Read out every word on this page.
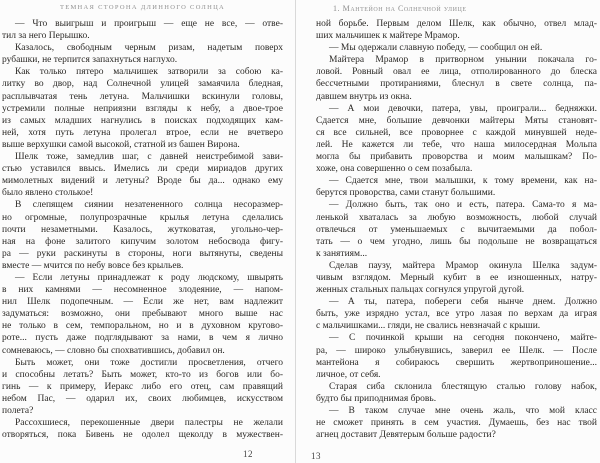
ТЕМНАЯ СТОРОНА ДЛИННОГО СОЛНЦА
— Что выигрыш и проигрыш — еще не все, — отве-
тил за него Перышко.
Казалось, свободным черным ризам, надетым поверх
рубашки, не терпится запахнуться наглухо.
Как только пятеро мальчишек затворили за собою ка-
литку во двор, над Солнечной улицей замаячила бледная,
расплывчатая тень летуна. Мальчишки вскинули головы,
устремили полные неприязни взгляды к небу, а двое-трое
из самых младших нагнулись в поисках подходящих кам-
ней, хотя путь летуна пролегал втрое, если не вчетверо
выше верхушки самой высокой, статной из башен Вирона.
Шелк тоже, замедлив шаг, с давней неистребимой зави-
стью уставился ввысь. Имелись ли среди мириадов других
мимолетных видений и летуны? Вроде бы да... однако ему
было явлено столькое!
В слепящем сиянии незатененного солнца несоразмер-
но огромные, полупрозрачные крылья летуна сделались
почти незаметными. Казалось, жутковатая, угольно-чер-
ная на фоне залитого кипучим золотом небосвода фигу-
ра — руки раскинуты в стороны, ноги вытянуты, сведены
вместе — мчится по небу вовсе без крыльев.
— Если летуны принадлежат к роду людскому, швырять
в них камнями — несомненное злодеяние, — напом-
нил Шелк подопечным. — Если же нет, вам надлежит
задуматься: возможно, они пребывают много выше нас
не только в сем, темпоральном, но и в духовном кругово-
роте... пусть даже подглядывают за нами, в чем я лично
сомневаюсь, — словно бы спохватившись, добавил он.
Быть может, они тоже достигли просветления, отчего
и способны летать? Быть может, кто-то из богов или бо-
гинь — к примеру, Иеракс либо его отец, сам правящий
небом Пас, — одарил их, своих любимцев, искусством
полета?
Рассохшиеся, перекошенные двери палестры не желали
отворяться, пока Бивень не одолел щеколду в мужествен-
1. Мантейон на Солнечной улице
ной борьбе. Первым делом Шелк, как обычно, отвел млад-
ших мальчишек к майтере Мрамор.
— Мы одержали славную победу, — сообщил он ей.
Майтера Мрамор в притворном унынии покачала го-
ловой. Ровный овал ее лица, отполированного до блеска
бессчетными протираниями, блеснул в свете солнца, па-
давшем внутрь из окна.
— А мои девочки, патера, увы, проиграли... бедняжки.
Сдается мне, большие девчонки майтеры Мяты становят-
ся все сильней, все проворнее с каждой минувшей неде-
лей. Не кажется ли тебе, что наша милосердная Мольпа
могла бы прибавить проворства и моим малышкам? По-
хоже, она совершенно о сем позабыла.
— Сдается мне, твои малышки, к тому времени, как на-
берутся проворства, сами станут большими.
— Должно быть, так оно и есть, патера. Сама-то я ма-
ленькой хваталась за любую возможность, любой случай
отвлечься от уменьшаемых с вычитаемыми да побол-
тать — о чем угодно, лишь бы подольше не возвращаться
к занятиям...
Сделав паузу, майтера Мрамор окинула Шелка задум-
чивым взглядом. Мерный кубит в ее изношенных, натру-
женных стальных пальцах согнулся упругой дугой.
— А ты, патера, побереги себя нынче днем. Должно
быть, уже изрядно устал, все утро лазая по верхам да играя
с мальчишками... гляди, не свались невзначай с крыши.
— С починкой крыши на сегодня покончено, майте-
ра, — широко улыбнувшись, заверил ее Шелк. — После
мантейона я собираюсь свершить жертвоприношение...
личное, от себя.
Старая сиба склонила блестящую сталью голову набок,
будто бы приподнимая бровь.
— В таком случае мне очень жаль, что мой класс
не сможет принять в сем участия. Думаешь, без нас твой
агнец доставит Девятерым больше радости?
12	13
